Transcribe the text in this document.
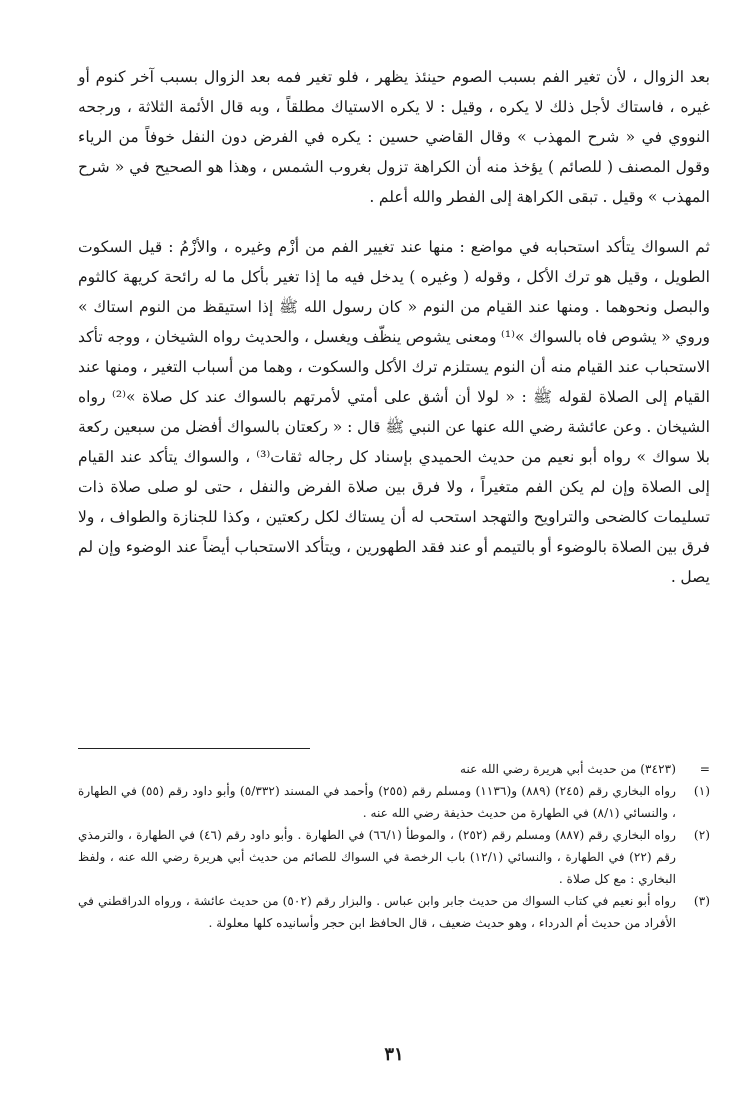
بعد الزوال ، لأن تغير الفم بسبب الصوم حينئذ يظهر ، فلو تغير فمه بعد الزوال بسبب آخر كنوم أو غيره ، فاستاك لأجل ذلك لا يكره ، وقيل : لا يكره الاستياك مطلقاً ، وبه قال الأئمة الثلاثة ، ورجحه النووي في « شرح المهذب » وقال القاضي حسين : يكره في الفرض دون النفل خوفاً من الرياء وقول المصنف ( للصائم ) يؤخذ منه أن الكراهة تزول بغروب الشمس ، وهذا هو الصحيح في « شرح المهذب » وقيل . تبقى الكراهة إلى الفطر والله أعلم .

ثم السواك يتأكد استحبابه في مواضع : منها عند تغيير الفم من أزْم وغيره ، والأزْمُ : قيل السكوت الطويل ، وقيل هو ترك الأكل ، وقوله ( وغيره ) يدخل فيه ما إذا تغير بأكل ما له رائحة كريهة كالثوم والبصل ونحوهما . ومنها عند القيام من النوم « كان رسول الله ﷺ إذا استيقظ من النوم استاك » وروي « يشوص فاه بالسواك »⁽¹⁾ ومعنى يشوص ينظّف ويغسل ، والحديث رواه الشيخان ، ووجه تأكد الاستحباب عند القيام منه أن النوم يستلزم ترك الأكل والسكوت ، وهما من أسباب التغير ، ومنها عند القيام إلى الصلاة لقوله ﷺ : « لولا أن أشق على أمتي لأمرتهم بالسواك عند كل صلاة »⁽²⁾ رواه الشيخان . وعن عائشة رضي الله عنها عن النبي ﷺ قال : « ركعتان بالسواك أفضل من سبعين ركعة بلا سواك » رواه أبو نعيم من حديث الحميدي بإسناد كل رجاله ثقات⁽³⁾ ، والسواك يتأكد عند القيام إلى الصلاة وإن لم يكن الفم متغيراً ، ولا فرق بين صلاة الفرض والنفل ، حتى لو صلى صلاة ذات تسليمات كالضحى والتراويح والتهجد استحب له أن يستاك لكل ركعتين ، وكذا للجنازة والطواف ، ولا فرق بين الصلاة بالوضوء أو بالتيمم أو عند فقد الطهورين ، ويتأكد الاستحباب أيضاً عند الوضوء وإن لم يصل .

=
(٣٤٢٣) من حديث أبي هريرة رضي الله عنه
(١)
رواه البخاري رقم (٢٤٥) (٨٨٩) و(١١٣٦) ومسلم رقم (٢٥٥) وأحمد في المسند (٥/٣٣٢) وأبو داود رقم (٥٥) في الطهارة ، والنسائي (٨/١) في الطهارة من حديث حذيفة رضي الله عنه .
(٢)
رواه البخاري رقم (٨٨٧) ومسلم رقم (٢٥٢) ، والموطأ (٦٦/١) في الطهارة . وأبو داود رقم (٤٦) في الطهارة ، والترمذي رقم (٢٢) في الطهارة ، والنسائي (١٢/١) باب الرخصة في السواك للصائم من حديث أبي هريرة رضي الله عنه ، ولفظ البخاري : مع كل صلاة .
(٣)
رواه أبو نعيم في كتاب السواك من حديث جابر وابن عباس . والبزار رقم (٥٠٢) من حديث عائشة ، ورواه الدراقطني في الأفراد من حديث أم الدرداء ، وهو حديث ضعيف ، قال الحافظ ابن حجر وأسانيده كلها معلولة .
٣١
